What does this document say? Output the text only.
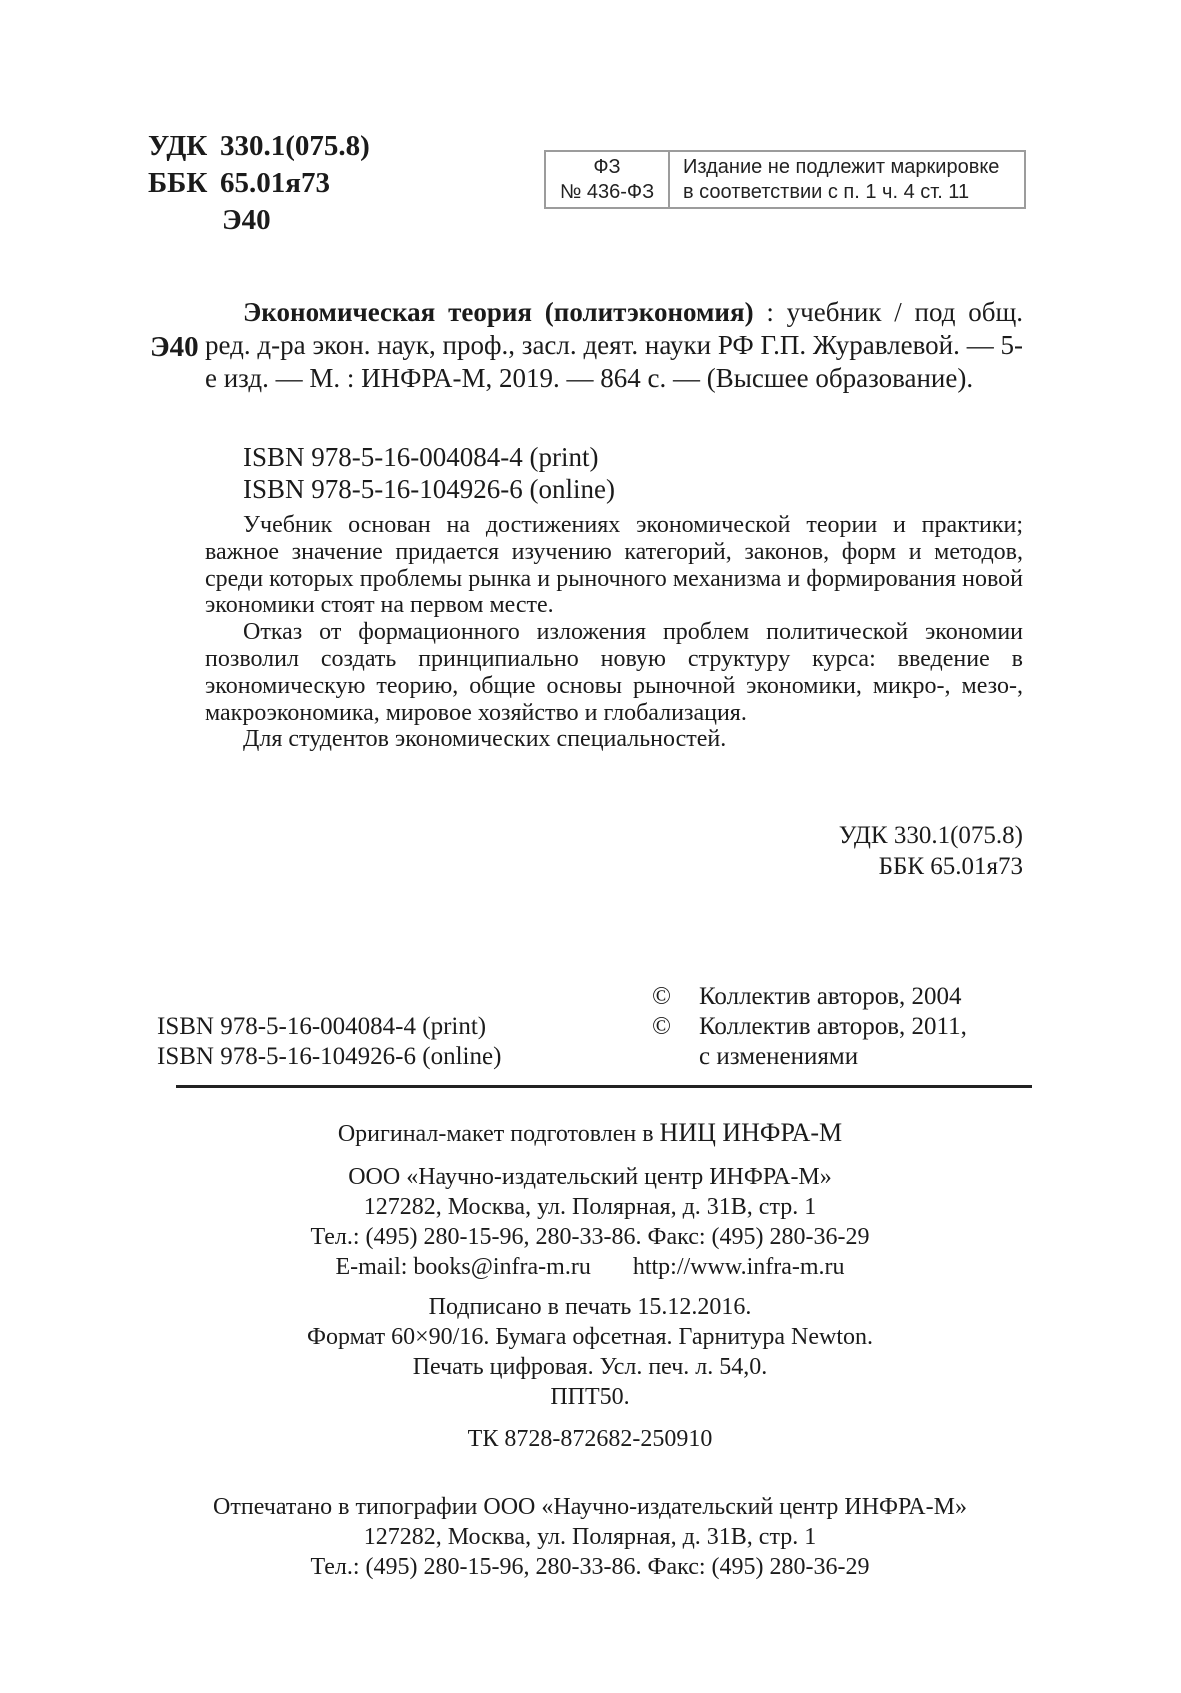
УДК 330.1(075.8)
ББК 65.01я73
Э40
ФЗ
№ 436-ФЗ
Издание не подлежит маркировке
в соответствии с п. 1 ч. 4 ст. 11
Э40

Экономическая теория (политэкономия) : учебник / под общ. ред. д-ра экон. наук, проф., засл. деят. науки РФ Г.П. Журавлевой. — 5-е изд. — М. : ИНФРА-М, 2019. — 864 с. — (Высшее образование).

ISBN 978-5-16-004084-4 (print)
ISBN 978-5-16-104926-6 (online)

Учебник основан на достижениях экономической теории и практики; важное значение придается изучению категорий, законов, форм и методов, среди которых проблемы рынка и рыночного механизма и формирования новой экономики стоят на первом месте.

Отказ от формационного изложения проблем политической экономии позволил создать принципиально новую структуру курса: введение в экономическую теорию, общие основы рыночной экономики, микро-, мезо-, макроэкономика, мировое хозяйство и глобализация.

Для студентов экономических специальностей.

УДК 330.1(075.8)
ББК 65.01я73
ISBN 978-5-16-004084-4 (print)
ISBN 978-5-16-104926-6 (online)
© Коллектив авторов, 2004
© Коллектив авторов, 2011,
с изменениями
Оригинал-макет подготовлен в НИЦ ИНФРА-М
ООО «Научно-издательский центр ИНФРА-М»
127282, Москва, ул. Полярная, д. 31В, стр. 1
Тел.: (495) 280-15-96, 280-33-86. Факс: (495) 280-36-29
E-mail: books@infra-m.ru http://www.infra-m.ru
Подписано в печать 15.12.2016.
Формат 60×90/16. Бумага офсетная. Гарнитура Newton.
Печать цифровая. Усл. печ. л. 54,0.
ППТ50.
ТК 8728-872682-250910
Отпечатано в типографии ООО «Научно-издательский центр ИНФРА-М»
127282, Москва, ул. Полярная, д. 31В, стр. 1
Тел.: (495) 280-15-96, 280-33-86. Факс: (495) 280-36-29
